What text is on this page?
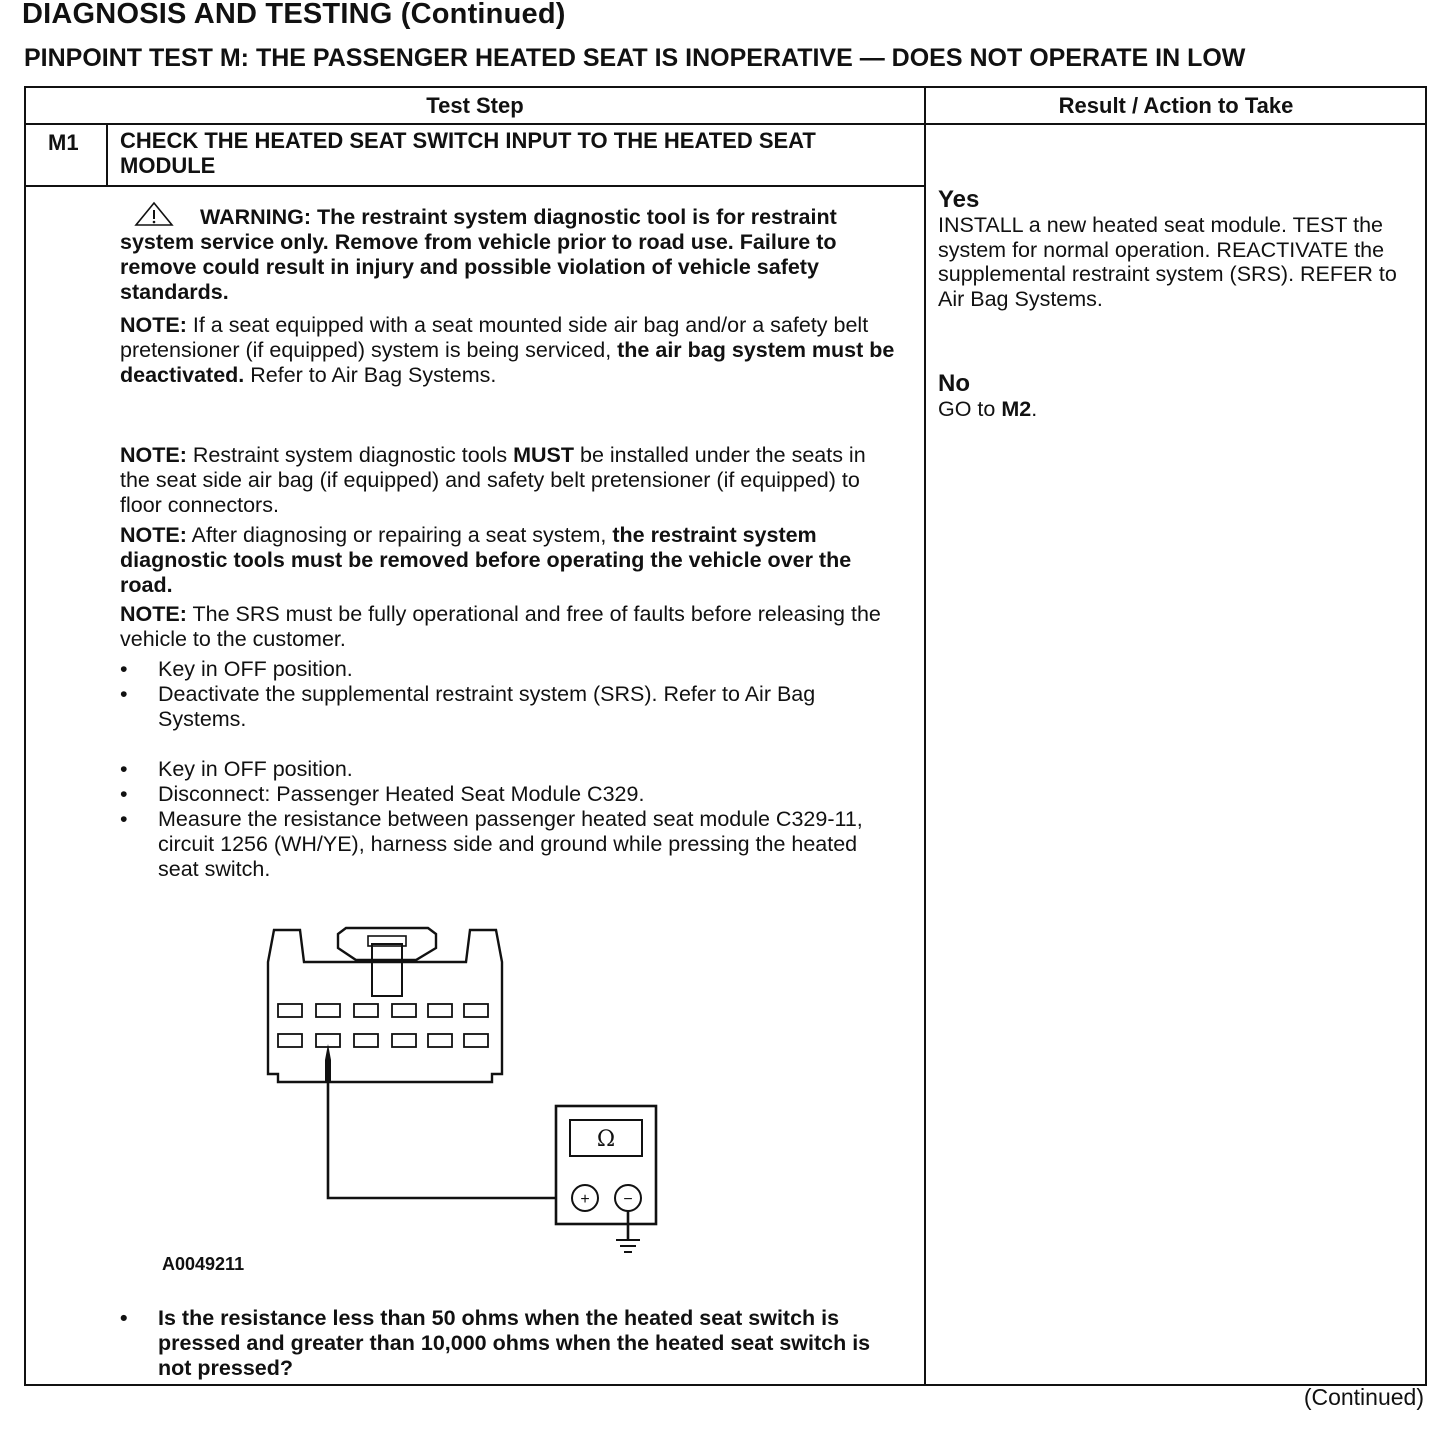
DIAGNOSIS AND TESTING (Continued)
PINPOINT TEST M: THE PASSENGER HEATED SEAT IS INOPERATIVE — DOES NOT OPERATE IN LOW
Test Step	Result / Action to Take
M1 CHECK THE HEATED SEAT SWITCH INPUT TO THE HEATED SEAT MODULE

WARNING: The restraint system diagnostic tool is for restraint system service only. Remove from vehicle prior to road use. Failure to remove could result in injury and possible violation of vehicle safety standards.

NOTE: If a seat equipped with a seat mounted side air bag and/or a safety belt pretensioner (if equipped) system is being serviced, the air bag system must be deactivated. Refer to Air Bag Systems.

NOTE: Restraint system diagnostic tools MUST be installed under the seats in the seat side air bag (if equipped) and safety belt pretensioner (if equipped) to floor connectors.

NOTE: After diagnosing or repairing a seat system, the restraint system diagnostic tools must be removed before operating the vehicle over the road.

NOTE: The SRS must be fully operational and free of faults before releasing the vehicle to the customer.

• Key in OFF position.
• Deactivate the supplemental restraint system (SRS). Refer to Air Bag Systems.
• Key in OFF position.
• Disconnect: Passenger Heated Seat Module C329.
• Measure the resistance between passenger heated seat module C329-11, circuit 1256 (WH/YE), harness side and ground while pressing the heated seat switch.
Ω
+ −
A0049211
• Is the resistance less than 50 ohms when the heated seat switch is pressed and greater than 10,000 ohms when the heated seat switch is not pressed?
Yes
INSTALL a new heated seat module. TEST the system for normal operation. REACTIVATE the supplemental restraint system (SRS). REFER to Air Bag Systems.
No
GO to M2.
(Continued)
